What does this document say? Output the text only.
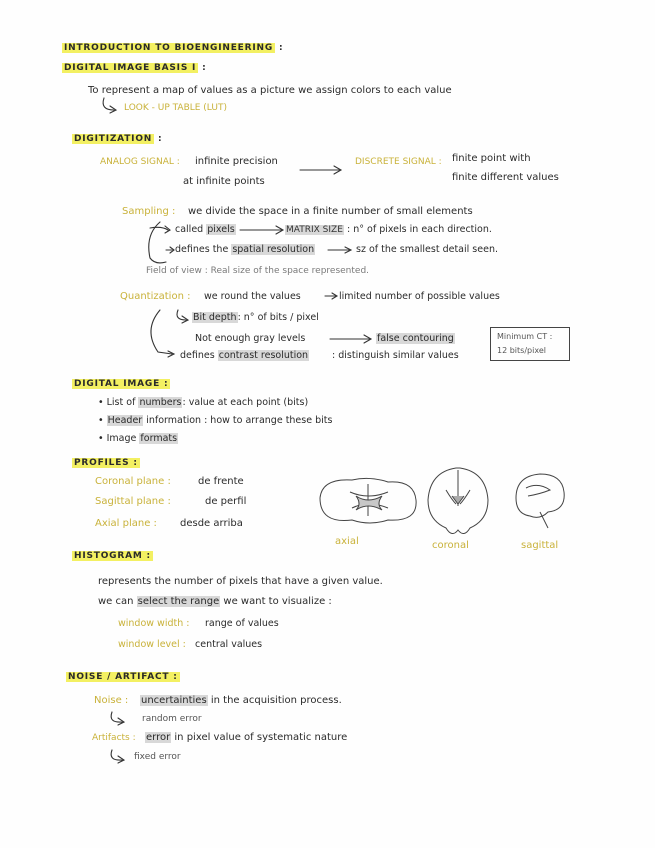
INTRODUCTION TO BIOENGINEERING :
DIGITAL IMAGE BASIS I :
To represent a map of values as a picture we assign colors to each value
LOOK - UP TABLE (LUT)
DIGITIZATION :
ANALOG SIGNAL : infinite precision
at infinite points
DISCRETE SIGNAL : finite point with
finite different values
Sampling : we divide the space in a finite number of small elements
called pixels	MATRIX SIZE : n° of pixels in each direction.
defines the spatial resolution	sz of the smallest detail seen.
Field of view : Real size of the space represented.
Quantization : we round the values	limited number of possible values
Bit depth: n° of bits / pixel
Not enough gray levels	false contouring
defines contrast resolution	: distinguish similar values
Minimum CT :
12 bits/pixel
DIGITAL IMAGE :
• List of numbers: value at each point (bits)
• Header information : how to arrange these bits
• Image formats
PROFILES :
Coronal plane :	de frente
Sagittal plane :	de perfil
Axial plane : desde arriba
axial	coronal	sagittal
HISTOGRAM :
represents the number of pixels that have a given value.
we can select the range we want to visualize :
window width : range of values
window level : central values
NOISE / ARTIFACT :
Noise : uncertainties in the acquisition process.
random error
Artifacts : error in pixel value of systematic nature
fixed error
